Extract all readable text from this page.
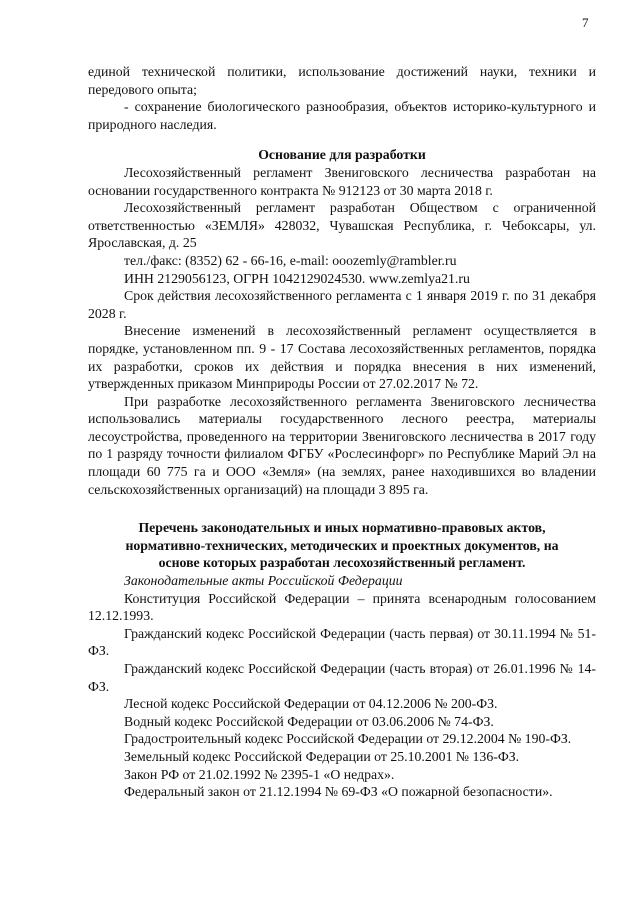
7

единой технической политики, использование достижений науки, техники и передового опыта;

- сохранение биологического разнообразия, объектов историко-культурного и природного наследия.

Основание для разработки

Лесохозяйственный регламент Звениговского лесничества разработан на основании государственного контракта № 912123 от 30 марта 2018 г.

Лесохозяйственный регламент разработан Обществом с ограниченной ответственностью «ЗЕМЛЯ» 428032, Чувашская Республика, г. Чебоксары, ул. Ярославская, д. 25

тел./факс: (8352) 62 - 66-16, e-mail: ooozemly@rambler.ru

ИНН 2129056123, ОГРН 1042129024530. www.zemlya21.ru

Срок действия лесохозяйственного регламента с 1 января 2019 г. по 31 декабря 2028 г.

Внесение изменений в лесохозяйственный регламент осуществляется в порядке, установленном пп. 9 - 17 Состава лесохозяйственных регламентов, порядка их разработки, сроков их действия и порядка внесения в них изменений, утвержденных приказом Минприроды России от 27.02.2017 № 72.

При разработке лесохозяйственного регламента Звениговского лесничества использовались материалы государственного лесного реестра, материалы лесоустройства, проведенного на территории Звениговского лесничества в 2017 году по 1 разряду точности филиалом ФГБУ «Рослесинфорг» по Республике Марий Эл на площади 60 775 га и ООО «Земля» (на землях, ранее находившихся во владении сельскохозяйственных организаций) на площади 3 895 га.

Перечень законодательных и иных нормативно-правовых актов, нормативно-технических, методических и проектных документов, на основе которых разработан лесохозяйственный регламент.

Законодательные акты Российской Федерации

Конституция Российской Федерации – принята всенародным голосованием 12.12.1993.

Гражданский кодекс Российской Федерации (часть первая) от 30.11.1994 № 51-ФЗ.

Гражданский кодекс Российской Федерации (часть вторая) от 26.01.1996 № 14-ФЗ.

Лесной кодекс Российской Федерации от 04.12.2006 № 200-ФЗ.

Водный кодекс Российской Федерации от 03.06.2006 № 74-ФЗ.

Градостроительный кодекс Российской Федерации от 29.12.2004 № 190-ФЗ.

Земельный кодекс Российской Федерации от 25.10.2001 № 136-ФЗ.

Закон РФ от 21.02.1992 № 2395-1 «О недрах».

Федеральный закон от 21.12.1994 № 69-ФЗ «О пожарной безопасности».
